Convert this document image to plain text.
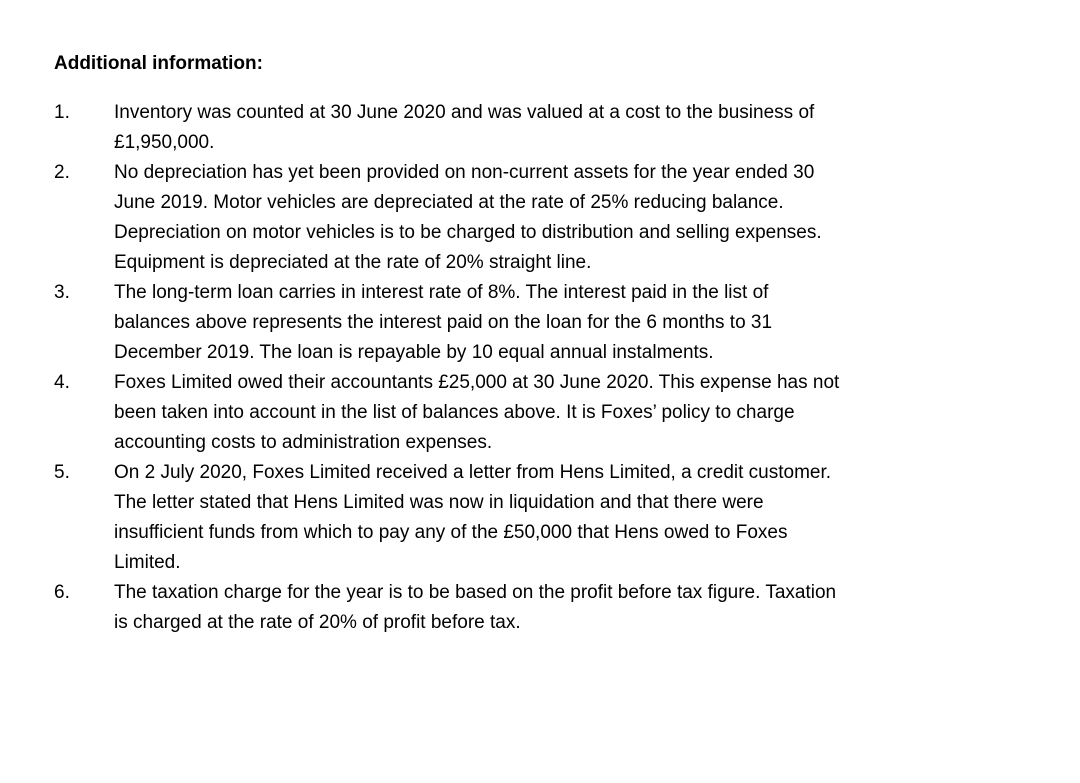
Additional information:
1.	Inventory was counted at 30 June 2020 and was valued at a cost to the business of
£1,950,000.
2.	No depreciation has yet been provided on non-current assets for the year ended 30
June 2019. Motor vehicles are depreciated at the rate of 25% reducing balance.
Depreciation on motor vehicles is to be charged to distribution and selling expenses.
Equipment is depreciated at the rate of 20% straight line.
3.	The long-term loan carries in interest rate of 8%. The interest paid in the list of
balances above represents the interest paid on the loan for the 6 months to 31
December 2019. The loan is repayable by 10 equal annual instalments.
4.	Foxes Limited owed their accountants £25,000 at 30 June 2020. This expense has not
been taken into account in the list of balances above. It is Foxes’ policy to charge
accounting costs to administration expenses.
5.	On 2 July 2020, Foxes Limited received a letter from Hens Limited, a credit customer.
The letter stated that Hens Limited was now in liquidation and that there were
insufficient funds from which to pay any of the £50,000 that Hens owed to Foxes
Limited.
6.	The taxation charge for the year is to be based on the profit before tax figure. Taxation
is charged at the rate of 20% of profit before tax.
